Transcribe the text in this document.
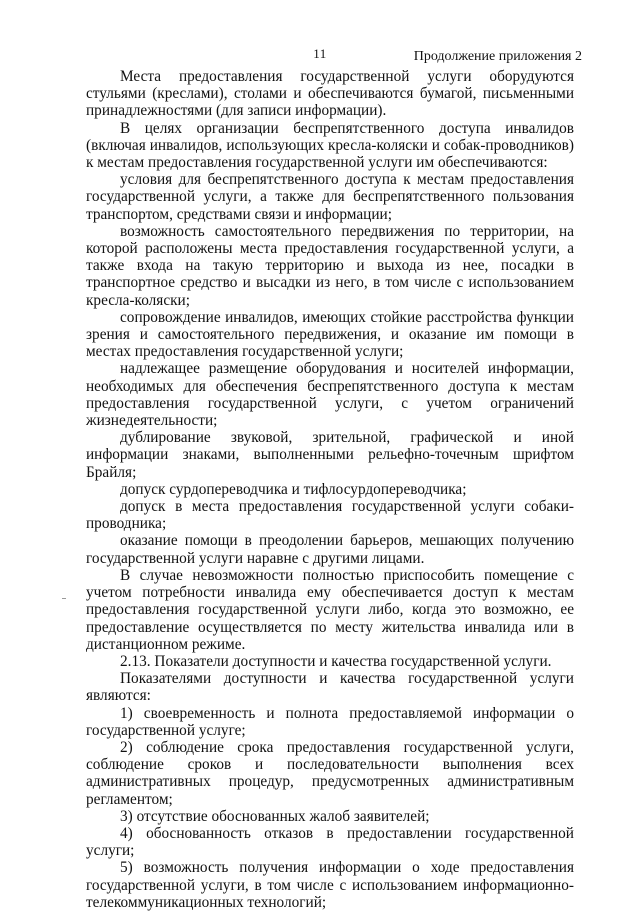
11	Продолжение приложения 2

Места предоставления государственной услуги оборудуются стульями (креслами), столами и обеспечиваются бумагой, письменными принадлежностями (для записи информации).

В целях организации беспрепятственного доступа инвалидов (включая инвалидов, использующих кресла-коляски и собак-проводников) к местам предоставления государственной услуги им обеспечиваются:

условия для беспрепятственного доступа к местам предоставления государственной услуги, а также для беспрепятственного пользования транспортом, средствами связи и информации;

возможность самостоятельного передвижения по территории, на которой расположены места предоставления государственной услуги, а также входа на такую территорию и выхода из нее, посадки в транспортное средство и высадки из него, в том числе с использованием кресла-коляски;

сопровождение инвалидов, имеющих стойкие расстройства функции зрения и самостоятельного передвижения, и оказание им помощи в местах предоставления государственной услуги;

надлежащее размещение оборудования и носителей информации, необходимых для обеспечения беспрепятственного доступа к местам предоставления государственной услуги, с учетом ограничений жизнедеятельности;

дублирование звуковой, зрительной, графической и иной информации знаками, выполненными рельефно-точечным шрифтом Брайля;

допуск сурдопереводчика и тифлосурдопереводчика;

допуск в места предоставления государственной услуги собаки-проводника;

оказание помощи в преодолении барьеров, мешающих получению государственной услуги наравне с другими лицами.

В случае невозможности полностью приспособить помещение с учетом потребности инвалида ему обеспечивается доступ к местам предоставления государственной услуги либо, когда это возможно, ее предоставление осуществляется по месту жительства инвалида или в дистанционном режиме.

2.13. Показатели доступности и качества государственной услуги.

Показателями доступности и качества государственной услуги являются:

1) своевременность и полнота предоставляемой информации о государственной услуге;

2) соблюдение срока предоставления государственной услуги, соблюдение сроков и последовательности выполнения всех административных процедур, предусмотренных административным регламентом;

3) отсутствие обоснованных жалоб заявителей;

4) обоснованность отказов в предоставлении государственной услуги;

5) возможность получения информации о ходе предоставления государственной услуги, в том числе с использованием информационно-телекоммуникационных технологий;
